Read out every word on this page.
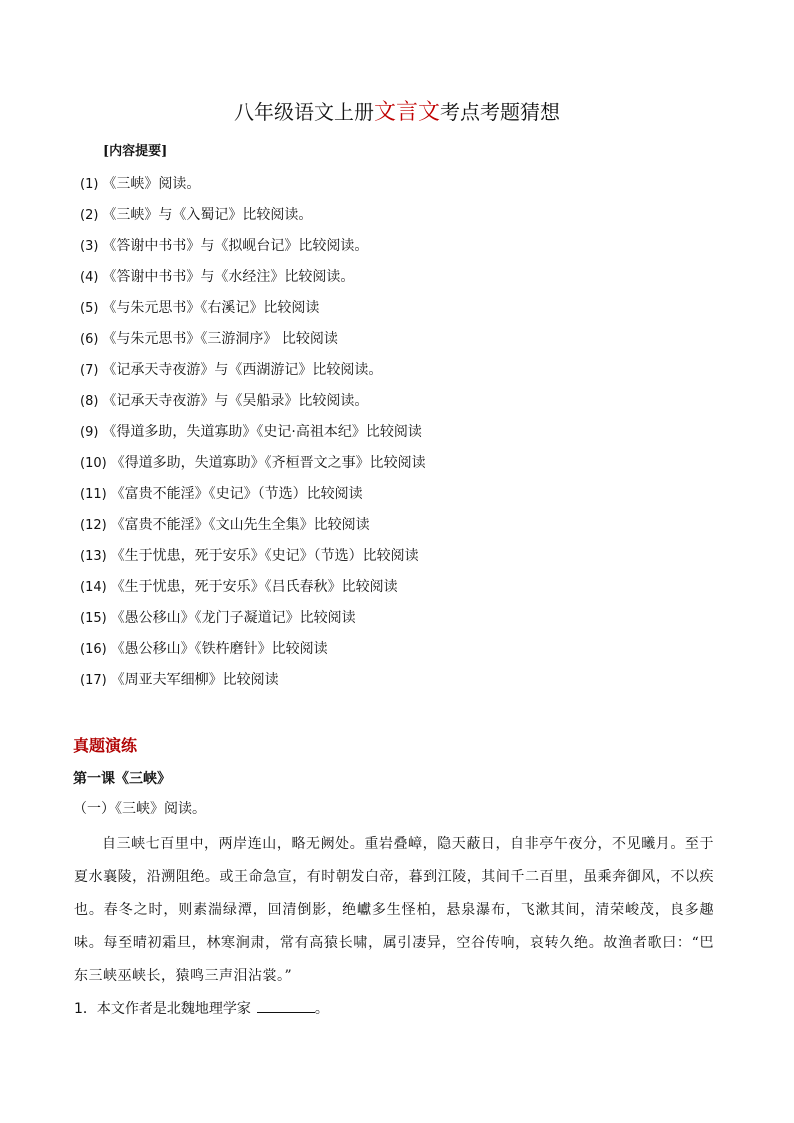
八年级语文上册文言文考点考题猜想
[内容提要]
(1) 《三峡》阅读。
(2) 《三峡》与《入蜀记》比较阅读。
(3) 《答谢中书书》与《拟岘台记》比较阅读。
(4) 《答谢中书书》与《水经注》比较阅读。
(5) 《与朱元思书》《右溪记》比较阅读
(6) 《与朱元思书》《三游洞序》 比较阅读
(7) 《记承天寺夜游》与《西湖游记》比较阅读。
(8) 《记承天寺夜游》与《吴船录》比较阅读。
(9) 《得道多助，失道寡助》《史记·高祖本纪》比较阅读
(10) 《得道多助，失道寡助》《齐桓晋文之事》比较阅读
(11) 《富贵不能淫》《史记》（节选）比较阅读
(12) 《富贵不能淫》《文山先生全集》比较阅读
(13) 《生于忧患，死于安乐》《史记》（节选）比较阅读
(14) 《生于忧患，死于安乐》《吕氏春秋》比较阅读
(15) 《愚公移山》《龙门子凝道记》比较阅读
(16) 《愚公移山》《铁杵磨针》比较阅读
(17) 《周亚夫军细柳》比较阅读
真题演练
第一课《三峡》
（一）《三峡》阅读。
自三峡七百里中，两岸连山，略无阙处。重岩叠嶂，隐天蔽日，自非亭午夜分，不见曦月。至于夏水襄陵，沿溯阻绝。或王命急宣，有时朝发白帝，暮到江陵，其间千二百里，虽乘奔御风，不以疾也。春冬之时，则素湍绿潭，回清倒影，绝巘多生怪柏，悬泉瀑布，飞漱其间，清荣峻茂，良多趣味。每至晴初霜旦，林寒涧肃，常有高猿长啸，属引凄异，空谷传响，哀转久绝。故渔者歌曰：“巴东三峡巫峡长，猿鸣三声泪沾裳。”
1．本文作者是北魏地理学家	。
